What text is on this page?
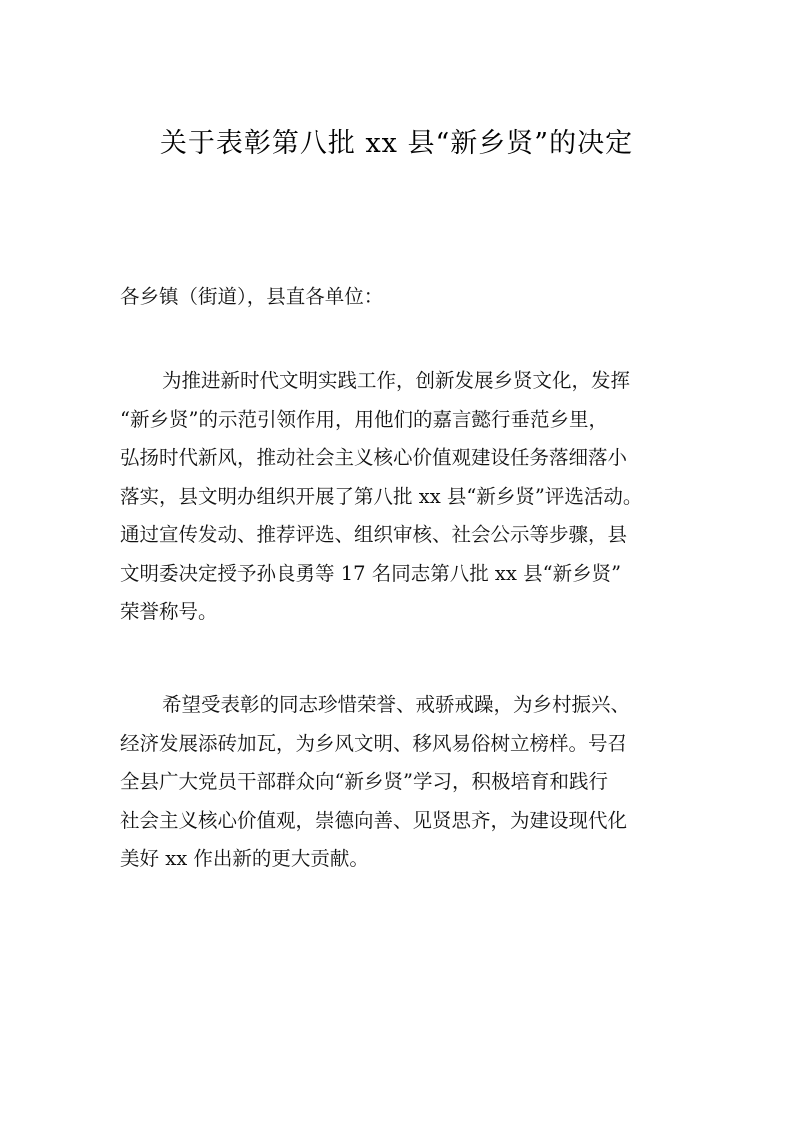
关于表彰第八批 xx 县“新乡贤”的决定
各乡镇（街道），县直各单位：
为推进新时代文明实践工作，创新发展乡贤文化，发挥
“新乡贤”的示范引领作用，用他们的嘉言懿行垂范乡里，
弘扬时代新风，推动社会主义核心价值观建设任务落细落小
落实，县文明办组织开展了第八批 xx 县“新乡贤”评选活动。
通过宣传发动、推荐评选、组织审核、社会公示等步骤，县
文明委决定授予孙良勇等 17 名同志第八批 xx 县“新乡贤”
荣誉称号。
希望受表彰的同志珍惜荣誉、戒骄戒躁，为乡村振兴、
经济发展添砖加瓦，为乡风文明、移风易俗树立榜样。号召
全县广大党员干部群众向“新乡贤”学习，积极培育和践行
社会主义核心价值观，崇德向善、见贤思齐，为建设现代化
美好 xx 作出新的更大贡献。
